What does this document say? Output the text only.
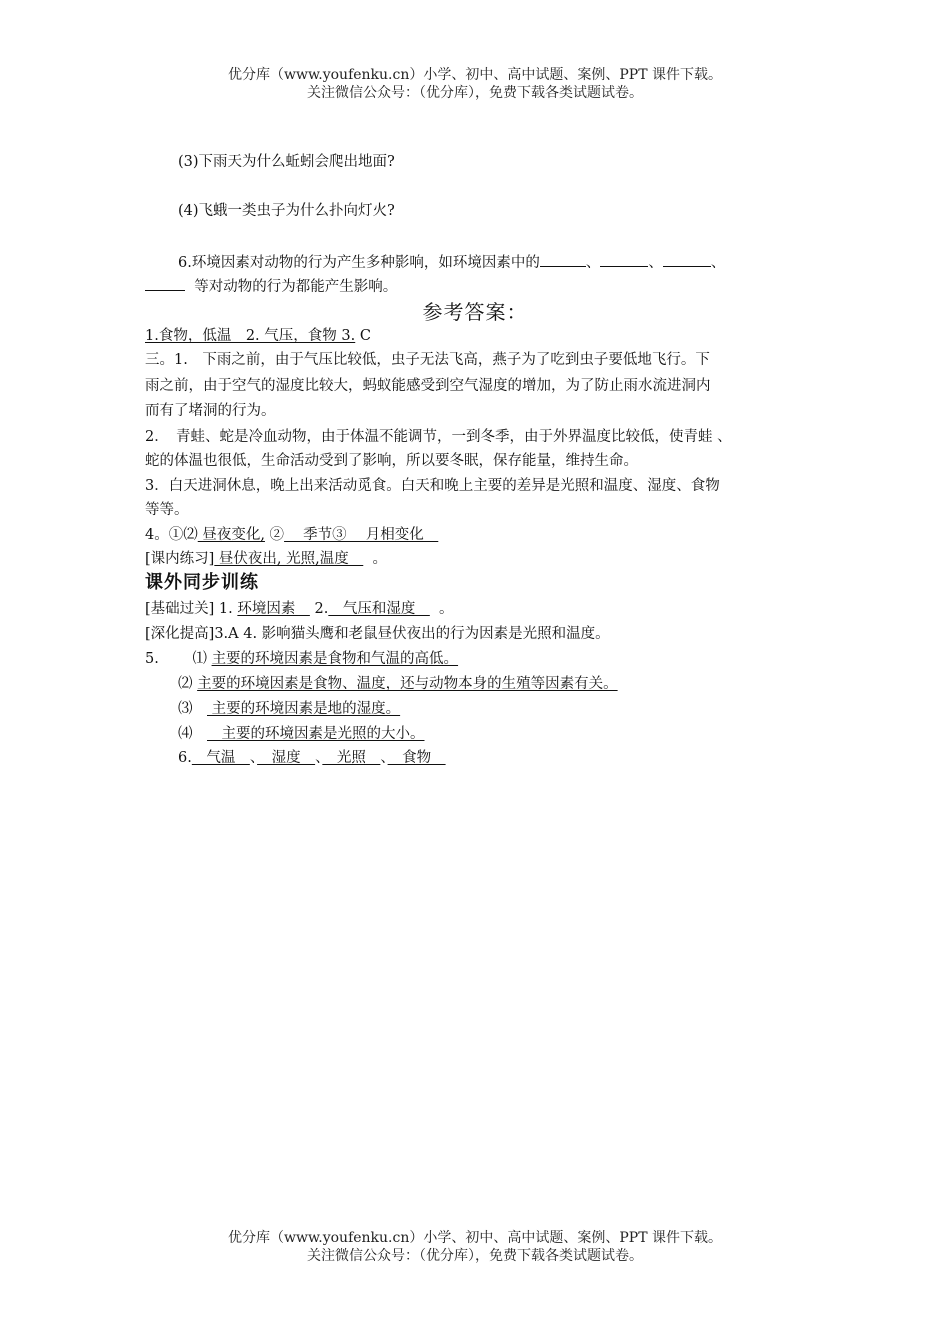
优分库（www.youfenku.cn）小学、初中、高中试题、案例、PPT 课件下载。
关注微信公众号：（优分库），免费下载各类试题试卷。
(3)下雨天为什么蚯蚓会爬出地面?
(4)飞蛾一类虫子为什么扑向灯火?
6.环境因素对动物的行为产生多种影响，如环境因素中的	、	、	、
等对动物的行为都能产生影响。
参考答案：
1.食物，低温　2. 气压，食物 3. C
三。1.　下雨之前，由于气压比较低，虫子无法飞高，燕子为了吃到虫子要低地飞行。下
雨之前，由于空气的湿度比较大，蚂蚁能感受到空气湿度的增加，为了防止雨水流进洞内
而有了堵洞的行为。
2．　青蛙、蛇是冷血动物，由于体温不能调节，一到冬季，由于外界温度比较低，使青蛙 、
蛇的体温也很低，生命活动受到了影响，所以要冬眠，保存能量，维持生命。
3．白天进洞休息，晚上出来活动觅食。白天和晚上主要的差异是光照和温度、湿度、食物
等等。
4。①⑵ 昼夜变化, ②　 季节③　 月相变化　
[课内练习] 昼伏夜出, 光照,温度　  。
课外同步训练
[基础过关] 1. 环境因素　 2.　气压和湿度　  。
[深化提高]3.A 4. 影响猫头鹰和老鼠昼伏夜出的行为因素是光照和温度。
5.　　 ⑴ 主要的环境因素是食物和气温的高低。
⑵ 主要的环境因素是食物、温度，还与动物本身的生殖等因素有关。
⑶　 主要的环境因素是地的湿度。
⑷　　主要的环境因素是光照的大小。
6.　气温　、　湿度　、　光照　、　食物　
优分库（www.youfenku.cn）小学、初中、高中试题、案例、PPT 课件下载。
关注微信公众号：（优分库），免费下载各类试题试卷。
